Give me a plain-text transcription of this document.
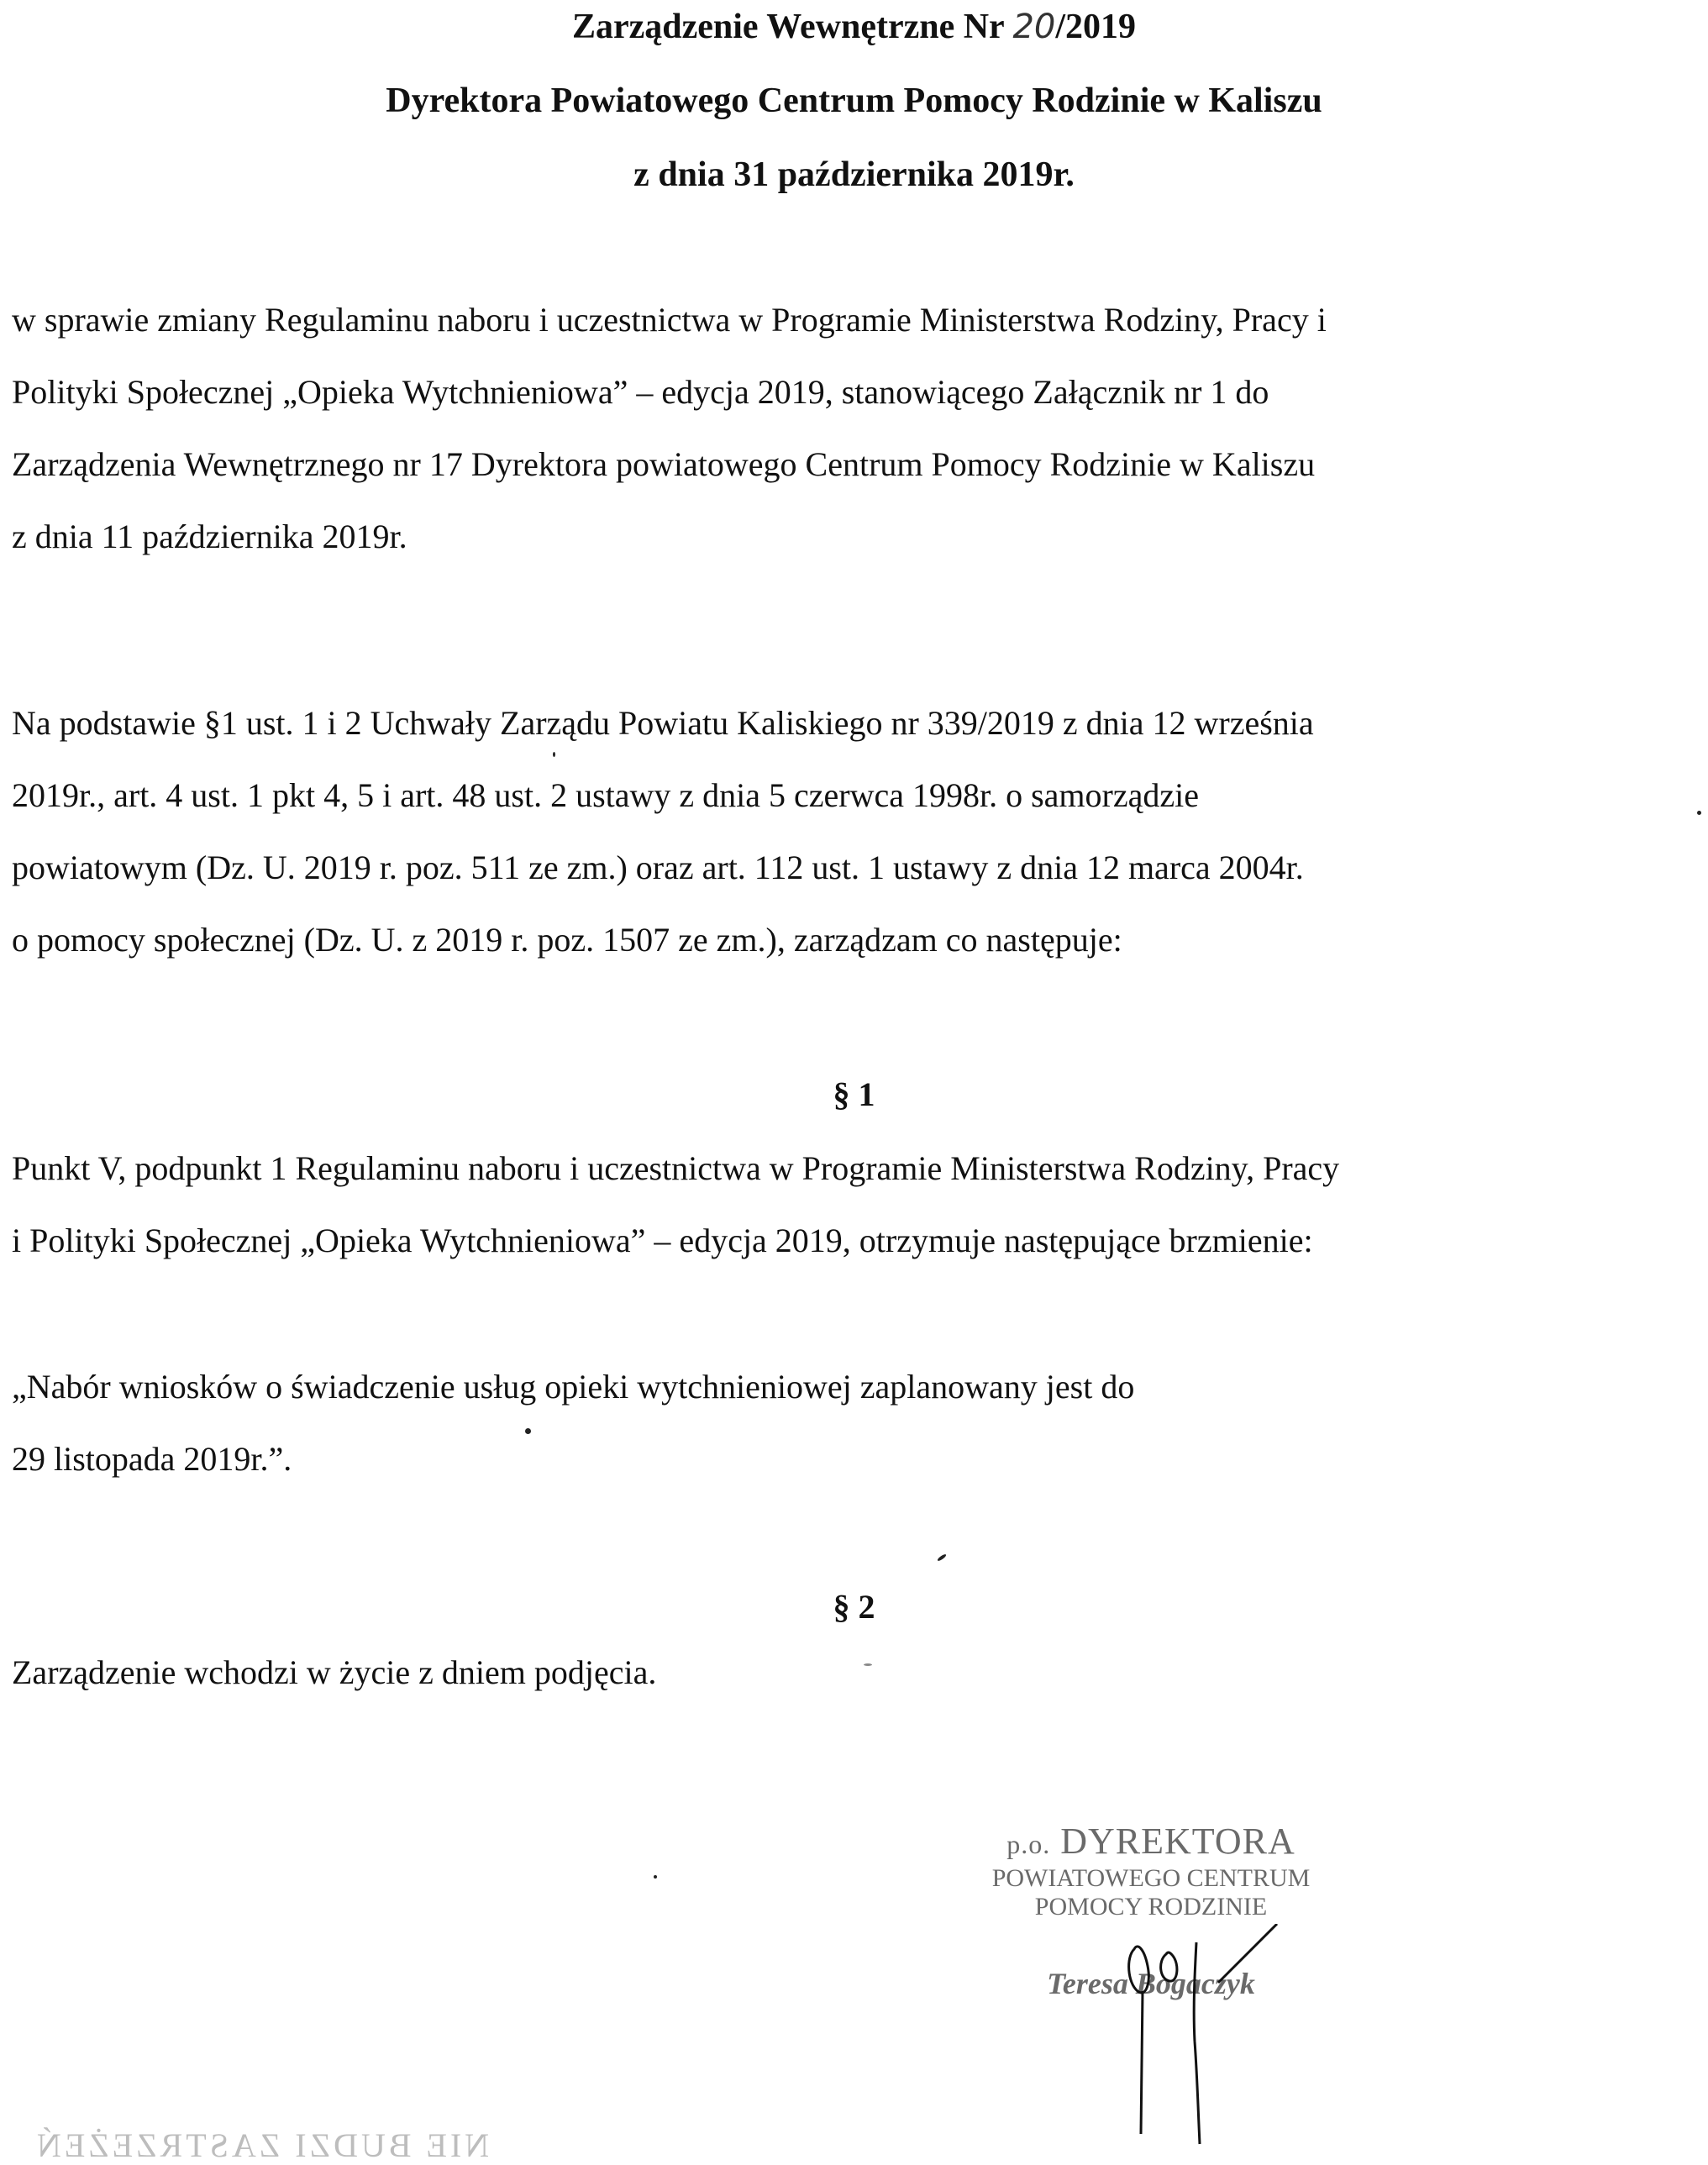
Zarządzenie Wewnętrzne Nr 20/2019
Dyrektora Powiatowego Centrum Pomocy Rodzinie w Kaliszu
z dnia 31 października 2019r.

w sprawie zmiany Regulaminu naboru i uczestnictwa w Programie Ministerstwa Rodziny, Pracy i

Polityki Społecznej „Opieka Wytchnieniowa” – edycja 2019, stanowiącego Załącznik nr 1 do

Zarządzenia Wewnętrznego nr 17 Dyrektora powiatowego Centrum Pomocy Rodzinie w Kaliszu

z dnia 11 października 2019r.

Na podstawie §1 ust. 1 i 2 Uchwały Zarządu Powiatu Kaliskiego nr 339/2019 z dnia 12 września

2019r., art. 4 ust. 1 pkt 4, 5 i art. 48 ust. 2 ustawy z dnia 5 czerwca 1998r. o samorządzie

powiatowym (Dz. U. 2019 r. poz. 511 ze zm.) oraz art. 112 ust. 1 ustawy z dnia 12 marca 2004r.

o pomocy społecznej (Dz. U. z 2019 r. poz. 1507 ze zm.), zarządzam co następuje:

§ 1

Punkt V, podpunkt 1 Regulaminu naboru i uczestnictwa w Programie Ministerstwa Rodziny, Pracy

i Polityki Społecznej „Opieka Wytchnieniowa” – edycja 2019, otrzymuje następujące brzmienie:

„Nabór wniosków o świadczenie usług opieki wytchnieniowej zaplanowany jest do

29 listopada 2019r.”.

§ 2

Zarządzenie wchodzi w życie z dniem podjęcia.

p.o. DYREKTORA
POWIATOWEGO CENTRUM
POMOCY RODZINIE
Teresa Bogaczyk
NIE BUDZI ZASTRZEŻEŃ
